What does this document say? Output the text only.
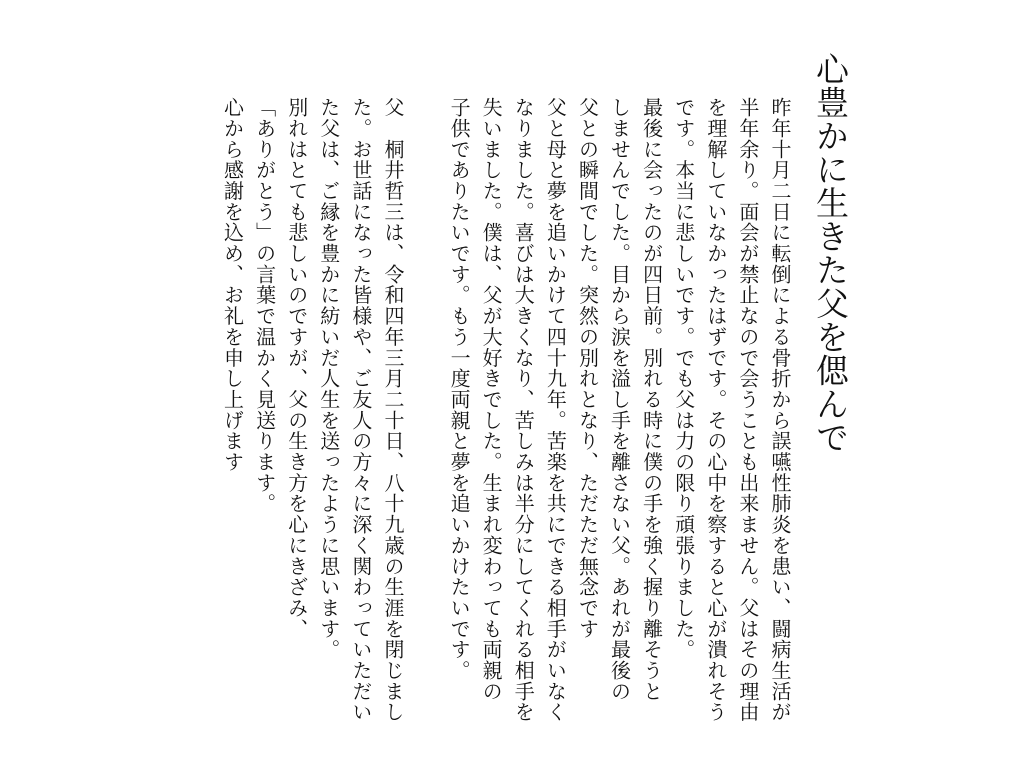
心豊かに生きた父を偲んで
昨年十月二日に転倒による骨折から誤嚥性肺炎を患い、闘病生活が
半年余り。面会が禁止なので会うことも出来ません。父はその理由
を理解していなかったはずです。その心中を察すると心が潰れそう
です。本当に悲しいです。でも父は力の限り頑張りました。
最後に会ったのが四日前。別れる時に僕の手を強く握り離そうと
しませんでした。目から涙を溢し手を離さない父。あれが最後の
父との瞬間でした。突然の別れとなり、ただただ無念です
父と母と夢を追いかけて四十九年。苦楽を共にできる相手がいなく
なりました。喜びは大きくなり、苦しみは半分にしてくれる相手を
失いました。僕は、父が大好きでした。生まれ変わっても両親の
子供でありたいです。もう一度両親と夢を追いかけたいです。
父　桐井哲三は、令和四年三月二十日、八十九歳の生涯を閉じまし
た。お世話になった皆様や、ご友人の方々に深く関わっていただい
た父は、ご縁を豊かに紡いだ人生を送ったように思います。
別れはとても悲しいのですが、父の生き方を心にきざみ、
「ありがとう」の言葉で温かく見送ります。
心から感謝を込め、お礼を申し上げます
